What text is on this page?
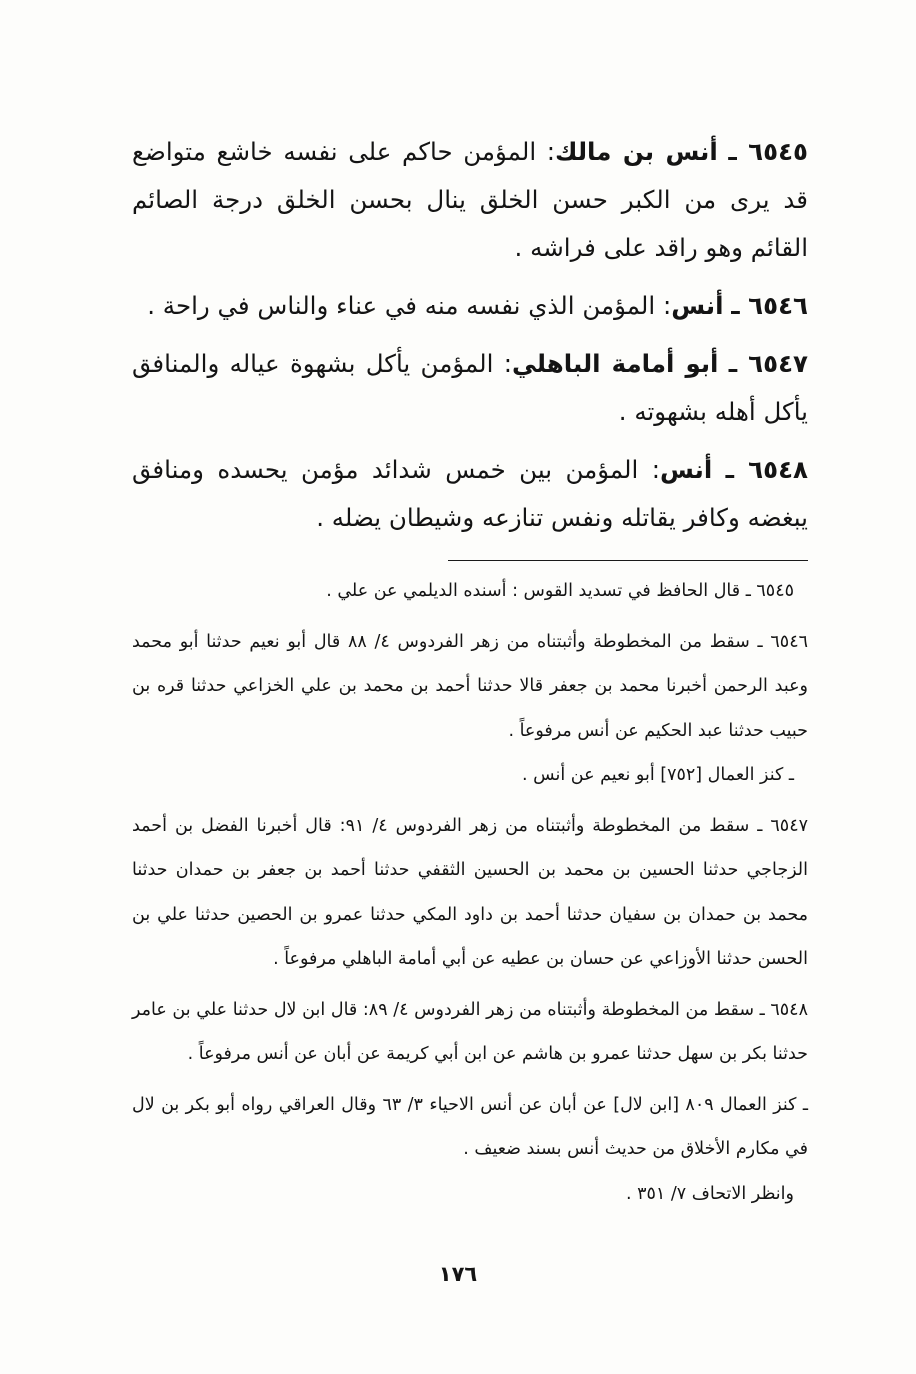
٦٥٤٥ ـ أنس بن مالك: المؤمن حاكم على نفسه خاشع متواضع قد يرى من الكبر حسن الخلق ينال بحسن الخلق درجة الصائم القائم وهو راقد على فراشه .

٦٥٤٦ ـ أنس: المؤمن الذي نفسه منه في عناء والناس في راحة .

٦٥٤٧ ـ أبو أمامة الباهلي: المؤمن يأكل بشهوة عياله والمنافق يأكل أهله بشهوته .

٦٥٤٨ ـ أنس: المؤمن بين خمس شدائد مؤمن يحسده ومنافق يبغضه وكافر يقاتله ونفس تنازعه وشيطان يضله .

٦٥٤٥ ـ قال الحافظ في تسديد القوس : أسنده الديلمي عن علي .

٦٥٤٦ ـ سقط من المخطوطة وأثبتناه من زهر الفردوس ٤/ ٨٨ قال أبو نعيم حدثنا أبو محمد وعبد الرحمن أخبرنا محمد بن جعفر قالا حدثنا أحمد بن محمد بن علي الخزاعي حدثنا قره بن حبيب حدثنا عبد الحكيم عن أنس مرفوعاً .

ـ كنز العمال [٧٥٢] أبو نعيم عن أنس .

٦٥٤٧ ـ سقط من المخطوطة وأثبتناه من زهر الفردوس ٤/ ٩١: قال أخبرنا الفضل بن أحمد الزجاجي حدثنا الحسين بن محمد بن الحسين الثقفي حدثنا أحمد بن جعفر بن حمدان حدثنا محمد بن حمدان بن سفيان حدثنا أحمد بن داود المكي حدثنا عمرو بن الحصين حدثنا علي بن الحسن حدثنا الأوزاعي عن حسان بن عطيه عن أبي أمامة الباهلي مرفوعاً .

٦٥٤٨ ـ سقط من المخطوطة وأثبتناه من زهر الفردوس ٤/ ٨٩: قال ابن لال حدثنا علي بن عامر حدثنا بكر بن سهل حدثنا عمرو بن هاشم عن ابن أبي كريمة عن أبان عن أنس مرفوعاً .

ـ كنز العمال ٨٠٩ [ابن لال] عن أبان عن أنس الاحياء ٣/ ٦٣ وقال العراقي رواه أبو بكر بن لال في مكارم الأخلاق من حديث أنس بسند ضعيف .

وانظر الاتحاف ٧/ ٣٥١ .

١٧٦
